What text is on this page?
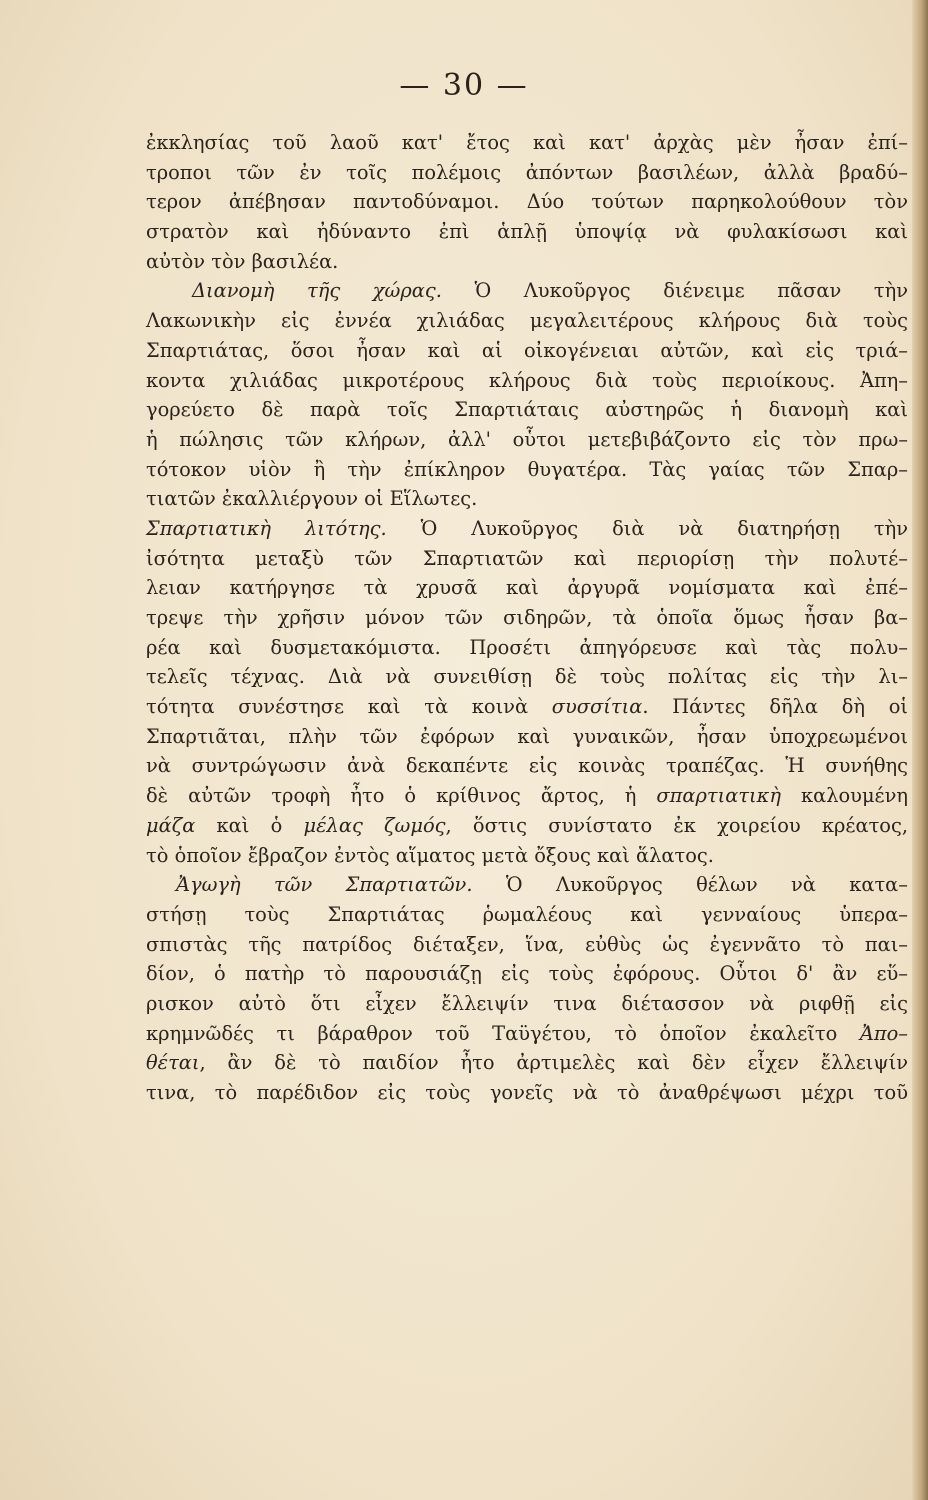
— 30 —
ἐκκλησίας τοῦ λαοῦ κατ' ἔτος καὶ κατ' ἀρχὰς μὲν ἦσαν ἐπί–
τροποι τῶν ἐν τοῖς πολέμοις ἀπόντων βασιλέων, ἀλλὰ βραδύ–
τερον ἀπέβησαν παντοδύναμοι. Δύο τούτων παρηκολούθουν τὸν
στρατὸν καὶ ἠδύναντο ἐπὶ ἁπλῇ ὑποψίᾳ νὰ φυλακίσωσι καὶ
αὐτὸν τὸν βασιλέα.
Διανομὴ τῆς χώρας. Ὁ Λυκοῦργος διένειμε πᾶσαν τὴν
Λακωνικὴν εἰς ἐννέα χιλιάδας μεγαλειτέρους κλήρους διὰ τοὺς
Σπαρτιάτας, ὅσοι ἦσαν καὶ αἱ οἰκογένειαι αὐτῶν, καὶ εἰς τριά–
κοντα χιλιάδας μικροτέρους κλήρους διὰ τοὺς περιοίκους. Ἀπη–
γορεύετο δὲ παρὰ τοῖς Σπαρτιάταις αὐστηρῶς ἡ διανομὴ καὶ
ἡ πώλησις τῶν κλήρων, ἀλλ' οὗτοι μετεβιβάζοντο εἰς τὸν πρω–
τότοκον υἱὸν ἢ τὴν ἐπίκληρον θυγατέρα. Τὰς γαίας τῶν Σπαρ–
τιατῶν ἐκαλλιέργουν οἱ Εἵλωτες.
Σπαρτιατικὴ λιτότης. Ὁ Λυκοῦργος διὰ νὰ διατηρήσῃ τὴν
ἰσότητα μεταξὺ τῶν Σπαρτιατῶν καὶ περιορίσῃ τὴν πολυτέ–
λειαν κατήργησε τὰ χρυσᾶ καὶ ἀργυρᾶ νομίσματα καὶ ἐπέ–
τρεψε τὴν χρῆσιν μόνον τῶν σιδηρῶν, τὰ ὁποῖα ὅμως ἦσαν βα–
ρέα καὶ δυσμετακόμιστα. Προσέτι ἀπηγόρευσε καὶ τὰς πολυ–
τελεῖς τέχνας. Διὰ νὰ συνειθίσῃ δὲ τοὺς πολίτας εἰς τὴν λι–
τότητα συνέστησε καὶ τὰ κοινὰ συσσίτια. Πάντες δῆλα δὴ οἱ
Σπαρτιᾶται, πλὴν τῶν ἐφόρων καὶ γυναικῶν, ἦσαν ὑποχρεωμένοι
νὰ συντρώγωσιν ἀνὰ δεκαπέντε εἰς κοινὰς τραπέζας. Ἡ συνήθης
δὲ αὐτῶν τροφὴ ἦτο ὁ κρίθινος ἄρτος, ἡ σπαρτιατικὴ καλουμένη
μάζα καὶ ὁ μέλας ζωμός, ὅστις συνίστατο ἐκ χοιρείου κρέατος,
τὸ ὁποῖον ἔβραζον ἐντὸς αἵματος μετὰ ὄξους καὶ ἅλατος.
Ἀγωγὴ τῶν Σπαρτιατῶν. Ὁ Λυκοῦργος θέλων νὰ κατα–
στήσῃ τοὺς Σπαρτιάτας ῥωμαλέους καὶ γενναίους ὑπερα–
σπιστὰς τῆς πατρίδος διέταξεν, ἵνα, εὐθὺς ὡς ἐγεννᾶτο τὸ παι–
δίον, ὁ πατὴρ τὸ παρουσιάζῃ εἰς τοὺς ἐφόρους. Οὗτοι δ' ἂν εὕ–
ρισκον αὐτὸ ὅτι εἶχεν ἔλλειψίν τινα διέτασσον νὰ ριφθῇ εἰς
κρημνῶδές τι βάραθρον τοῦ Ταϋγέτου, τὸ ὁποῖον ἐκαλεῖτο Ἀπο–
θέται, ἂν δὲ τὸ παιδίον ἦτο ἀρτιμελὲς καὶ δὲν εἶχεν ἔλλειψίν
τινα, τὸ παρέδιδον εἰς τοὺς γονεῖς νὰ τὸ ἀναθρέψωσι μέχρι τοῦ
